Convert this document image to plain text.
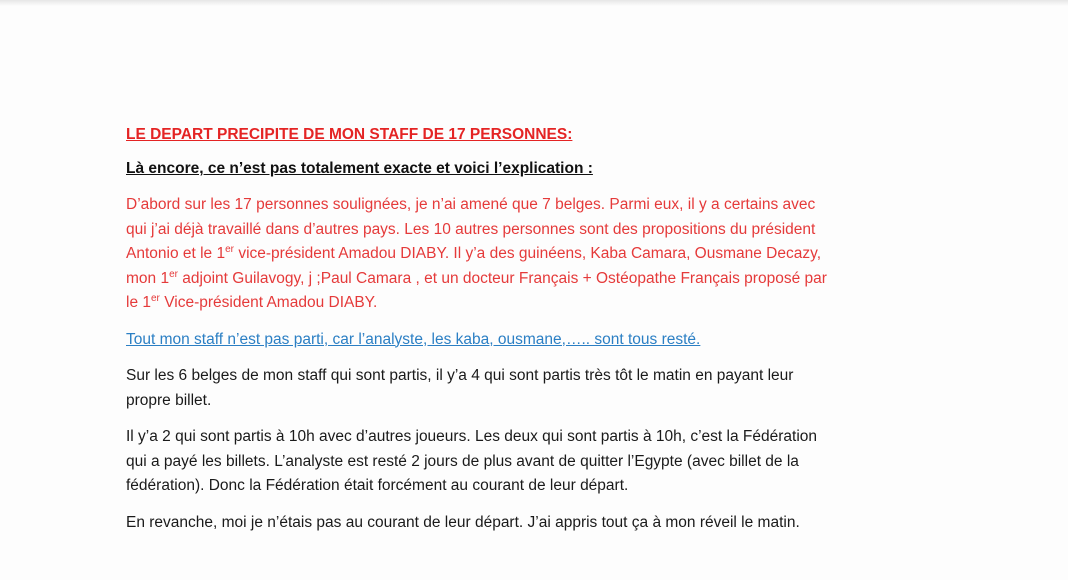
LE DEPART PRECIPITE DE MON STAFF DE 17 PERSONNES:
Là encore, ce n’est pas totalement exacte et voici l’explication :
D’abord sur les 17 personnes soulignées, je n’ai amené que 7 belges. Parmi eux, il y a certains avec
qui j’ai déjà travaillé dans d’autres pays. Les 10 autres personnes sont des propositions du président
Antonio et le 1er vice-président Amadou DIABY. Il y’a des guinéens, Kaba Camara, Ousmane Decazy,
mon 1er adjoint Guilavogy, j ;Paul Camara , et un docteur Français + Ostéopathe Français proposé par
le 1er Vice-président Amadou DIABY.
Tout mon staff n’est pas parti, car l’analyste, les kaba, ousmane,….. sont tous resté.
Sur les 6 belges de mon staff qui sont partis, il y’a 4 qui sont partis très tôt le matin en payant leur
propre billet.
Il y’a 2 qui sont partis à 10h avec d’autres joueurs. Les deux qui sont partis à 10h, c’est la Fédération
qui a payé les billets. L’analyste est resté 2 jours de plus avant de quitter l’Egypte (avec billet de la
fédération). Donc la Fédération était forcément au courant de leur départ.
En revanche, moi je n’étais pas au courant de leur départ. J’ai appris tout ça à mon réveil le matin.
